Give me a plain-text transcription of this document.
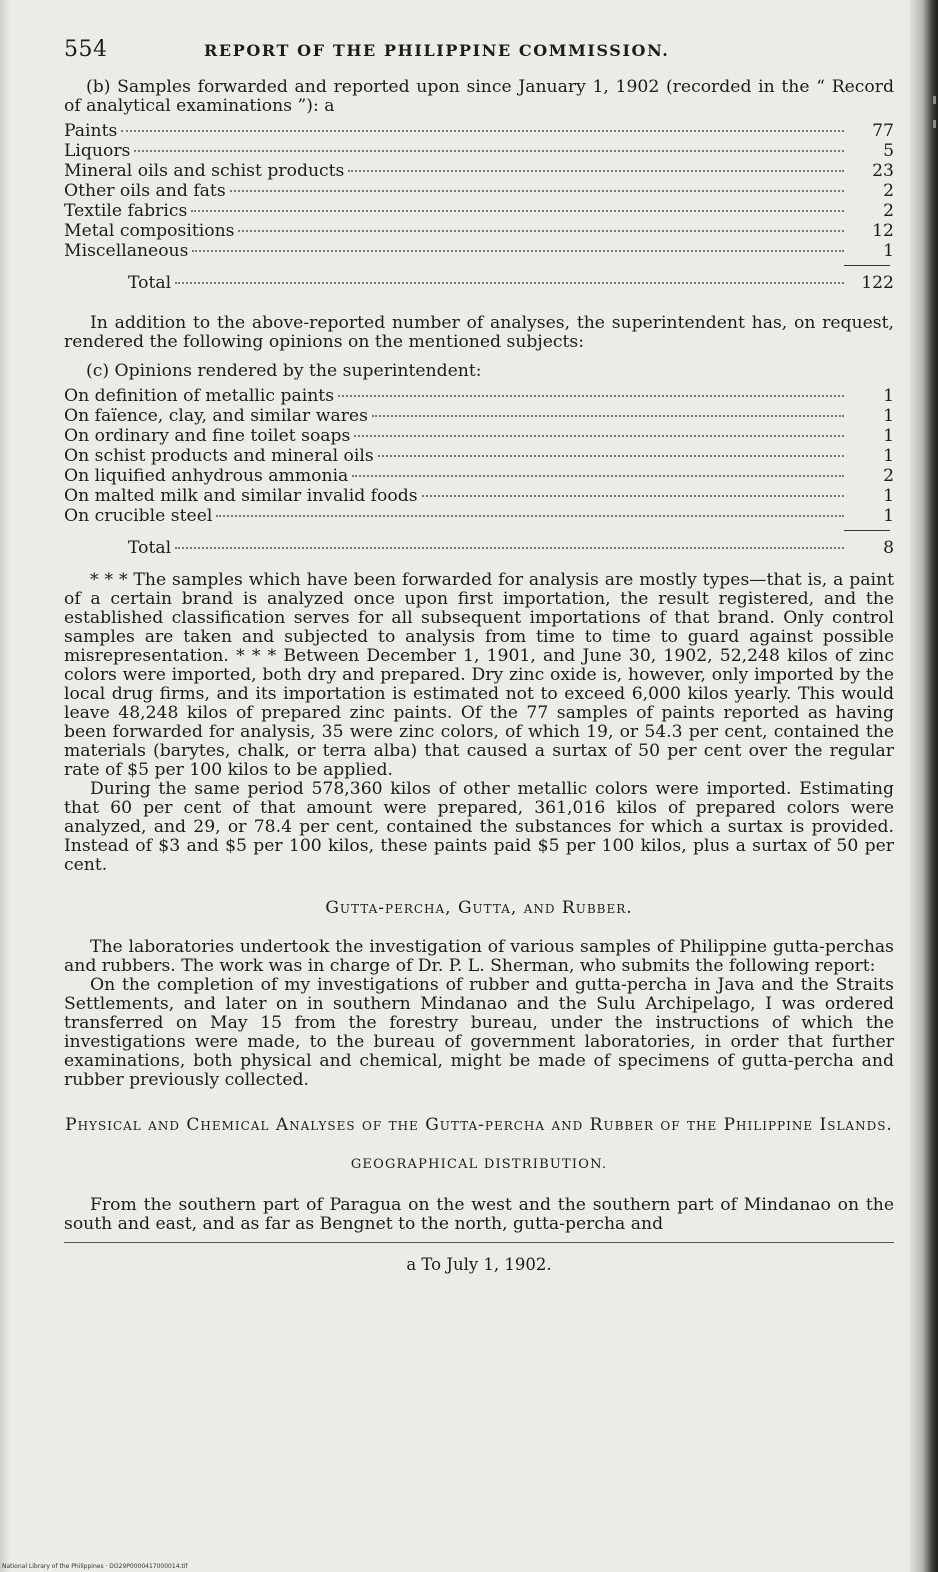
554	REPORT OF THE PHILIPPINE COMMISSION.

(b) Samples forwarded and reported upon since January 1, 1902 (recorded in the “ Record of analytical examinations ”): a

Paints	77
Liquors	5
Mineral oils and schist products	23
Other oils and fats	2
Textile fabrics	2
Metal compositions	12
Miscellaneous	1
Total	122

In addition to the above-reported number of analyses, the superintendent has, on request, rendered the following opinions on the mentioned subjects:

(c) Opinions rendered by the superintendent:

On definition of metallic paints	1
On faïence, clay, and similar wares	1
On ordinary and fine toilet soaps	1
On schist products and mineral oils	1
On liquified anhydrous ammonia	2
On malted milk and similar invalid foods	1
On crucible steel	1
Total	8

* * * The samples which have been forwarded for analysis are mostly types—that is, a paint of a certain brand is analyzed once upon first importation, the result registered, and the established classification serves for all subsequent importations of that brand. Only control samples are taken and subjected to analysis from time to time to guard against possible misrepresentation. * * * Between December 1, 1901, and June 30, 1902, 52,248 kilos of zinc colors were imported, both dry and prepared. Dry zinc oxide is, however, only imported by the local drug firms, and its importation is estimated not to exceed 6,000 kilos yearly. This would leave 48,248 kilos of prepared zinc paints. Of the 77 samples of paints reported as having been forwarded for analysis, 35 were zinc colors, of which 19, or 54.3 per cent, contained the materials (barytes, chalk, or terra alba) that caused a surtax of 50 per cent over the regular rate of $5 per 100 kilos to be applied.

During the same period 578,360 kilos of other metallic colors were imported. Estimating that 60 per cent of that amount were prepared, 361,016 kilos of prepared colors were analyzed, and 29, or 78.4 per cent, contained the substances for which a surtax is provided. Instead of $3 and $5 per 100 kilos, these paints paid $5 per 100 kilos, plus a surtax of 50 per cent.

Gutta-percha, Gutta, and Rubber.

The laboratories undertook the investigation of various samples of Philippine gutta-perchas and rubbers. The work was in charge of Dr. P. L. Sherman, who submits the following report:

On the completion of my investigations of rubber and gutta-percha in Java and the Straits Settlements, and later on in southern Mindanao and the Sulu Archipelago, I was ordered transferred on May 15 from the forestry bureau, under the instructions of which the investigations were made, to the bureau of government laboratories, in order that further examinations, both physical and chemical, might be made of specimens of gutta-percha and rubber previously collected.

Physical and Chemical Analyses of the Gutta-percha and Rubber of the Philippine Islands.
GEOGRAPHICAL DISTRIBUTION.

From the southern part of Paragua on the west and the southern part of Mindanao on the south and east, and as far as Bengnet to the north, gutta-percha and

a To July 1, 1902.
National Library of the Philippines · DO29P0000417000014.tif
